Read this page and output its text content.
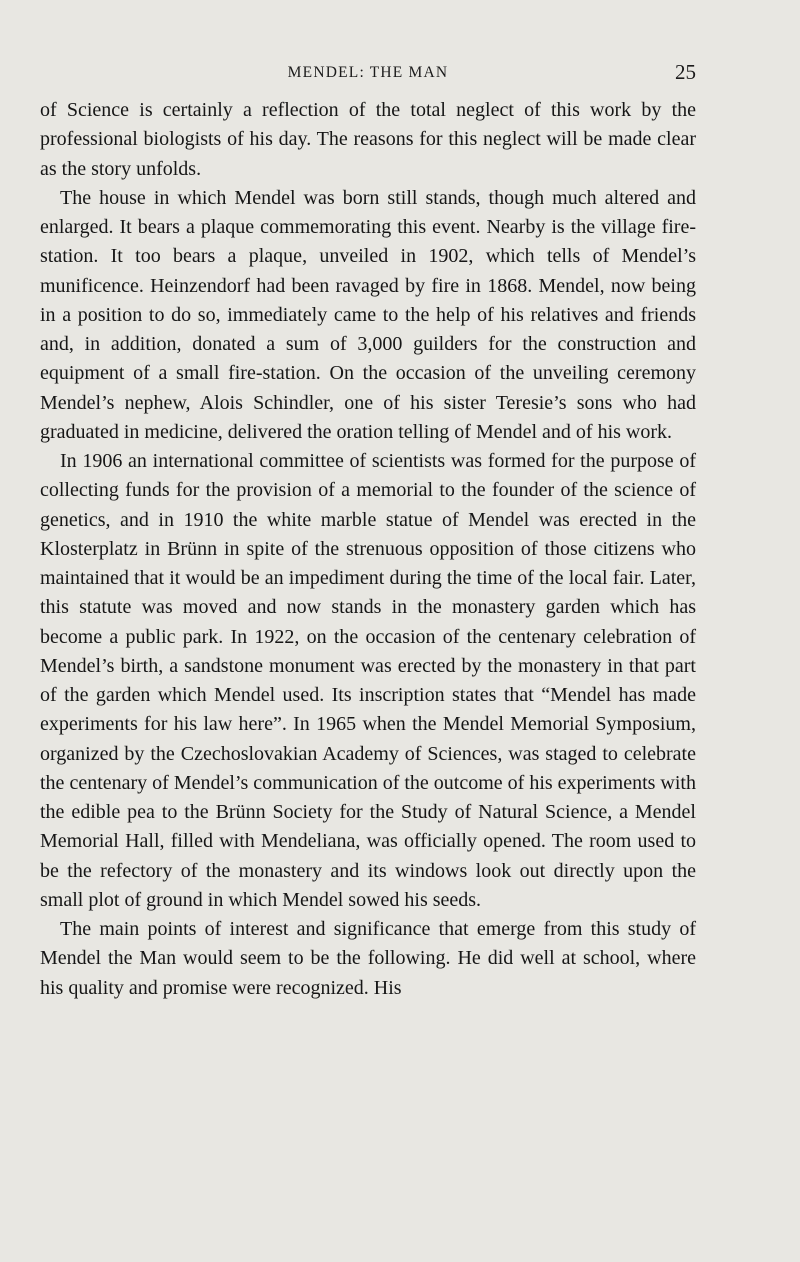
MENDEL: THE MAN	25

of Science is certainly a reflection of the total neglect of this work by the professional biologists of his day. The reasons for this neglect will be made clear as the story unfolds.

The house in which Mendel was born still stands, though much altered and enlarged. It bears a plaque commemorating this event. Nearby is the village fire-station. It too bears a plaque, unveiled in 1902, which tells of Mendel’s munificence. Heinzendorf had been ravaged by fire in 1868. Mendel, now being in a position to do so, immediately came to the help of his relatives and friends and, in addition, donated a sum of 3,000 guilders for the construction and equipment of a small fire-station. On the occasion of the unveiling ceremony Mendel’s nephew, Alois Schindler, one of his sister Teresie’s sons who had graduated in medicine, delivered the oration telling of Mendel and of his work.

In 1906 an international committee of scientists was formed for the purpose of collecting funds for the provision of a memorial to the founder of the science of genetics, and in 1910 the white marble statue of Mendel was erected in the Klosterplatz in Brünn in spite of the strenuous opposition of those citizens who maintained that it would be an impediment during the time of the local fair. Later, this statute was moved and now stands in the monastery garden which has become a public park. In 1922, on the occasion of the centenary celebration of Mendel’s birth, a sandstone monument was erected by the monastery in that part of the garden which Mendel used. Its inscription states that “Mendel has made experiments for his law here”. In 1965 when the Mendel Memorial Symposium, organized by the Czechoslovakian Academy of Sciences, was staged to celebrate the centenary of Mendel’s communication of the outcome of his experiments with the edible pea to the Brünn Society for the Study of Natural Science, a Mendel Memorial Hall, filled with Mendeliana, was officially opened. The room used to be the refectory of the monastery and its windows look out directly upon the small plot of ground in which Mendel sowed his seeds.

The main points of interest and significance that emerge from this study of Mendel the Man would seem to be the following. He did well at school, where his quality and promise were recognized. His
